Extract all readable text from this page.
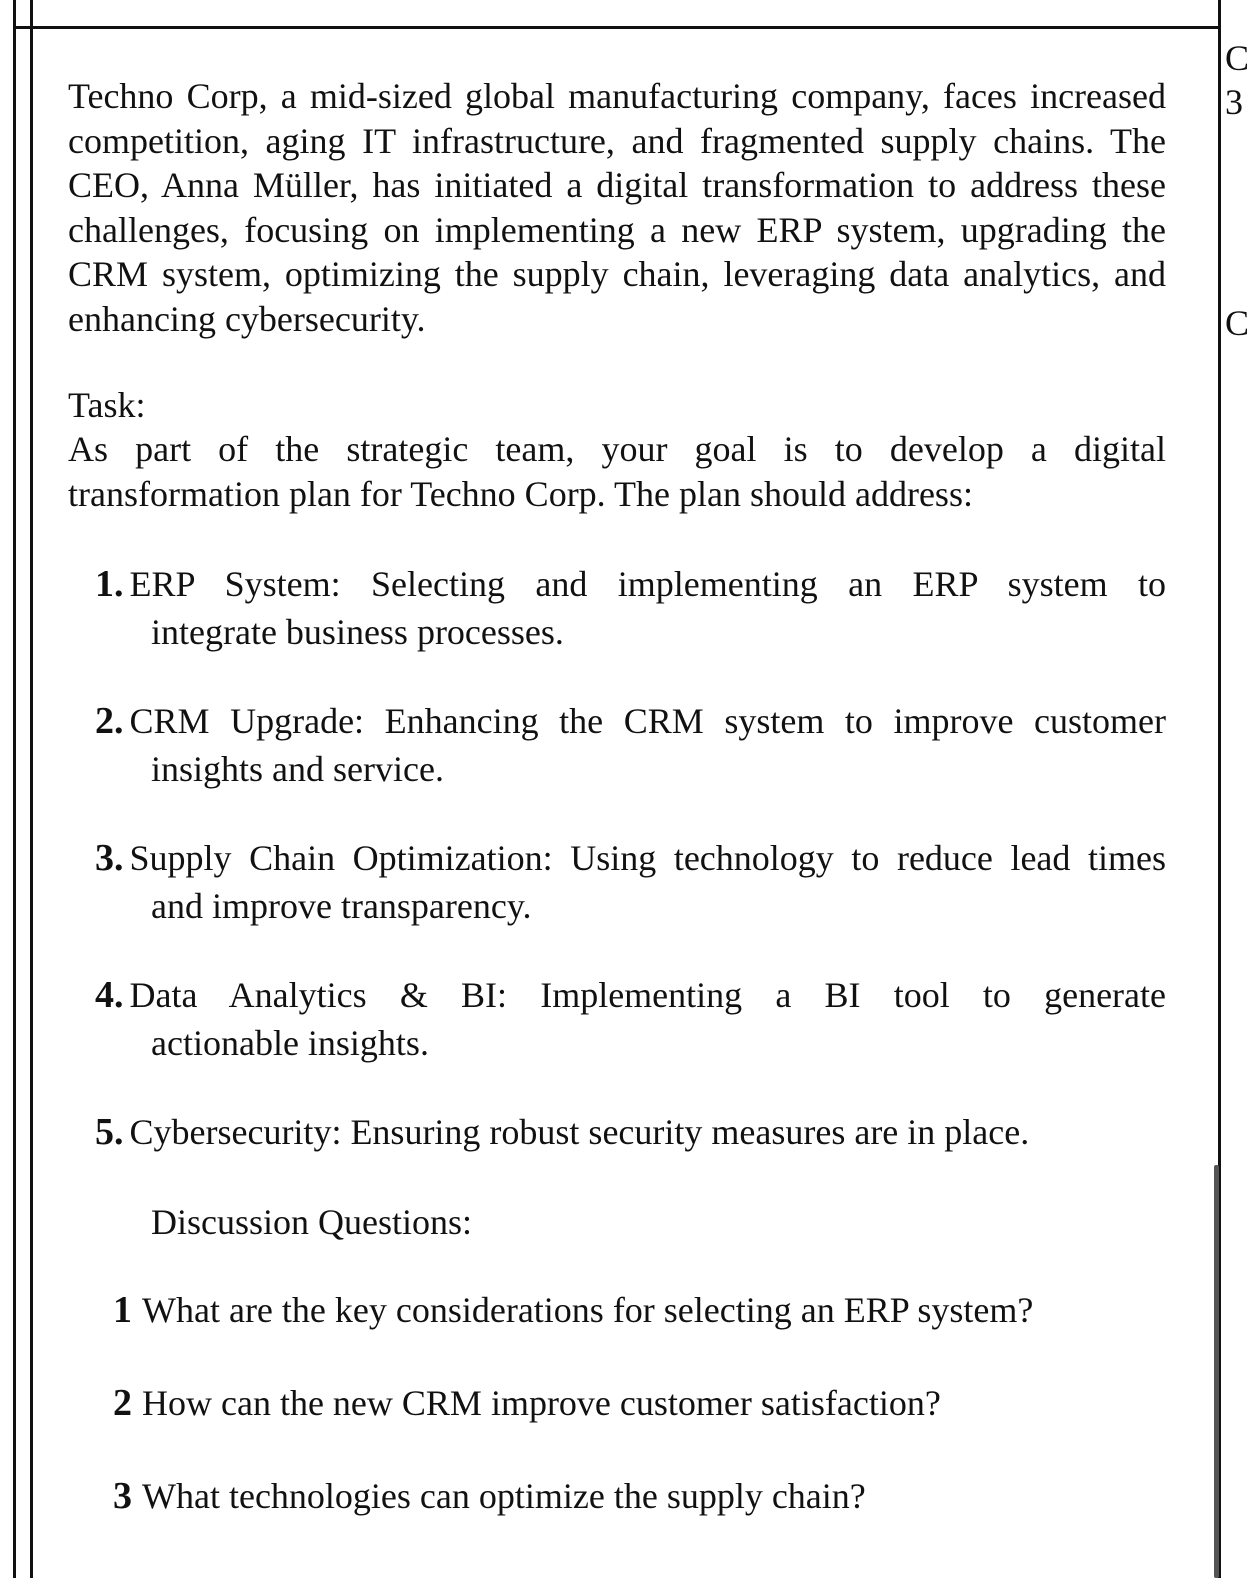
C
3
C

Techno Corp, a mid-sized global manufacturing company, faces increased competition, aging IT infrastructure, and fragmented supply chains. The CEO, Anna Müller, has initiated a digital transformation to address these challenges, focusing on implementing a new ERP system, upgrading the CRM system, optimizing the supply chain, leveraging data analytics, and enhancing cybersecurity.

Task:
As part of the strategic team, your goal is to develop a digital transformation plan for Techno Corp. The plan should address:
1. ERP System: Selecting and implementing an ERP system to
integrate business processes.
2. CRM Upgrade: Enhancing the CRM system to improve customer
insights and service.
3. Supply Chain Optimization: Using technology to reduce lead times
and improve transparency.
4. Data Analytics & BI: Implementing a BI tool to generate
actionable insights.
5. Cybersecurity: Ensuring robust security measures are in place.
Discussion Questions:
1 What are the key considerations for selecting an ERP system?
2 How can the new CRM improve customer satisfaction?
3 What technologies can optimize the supply chain?
